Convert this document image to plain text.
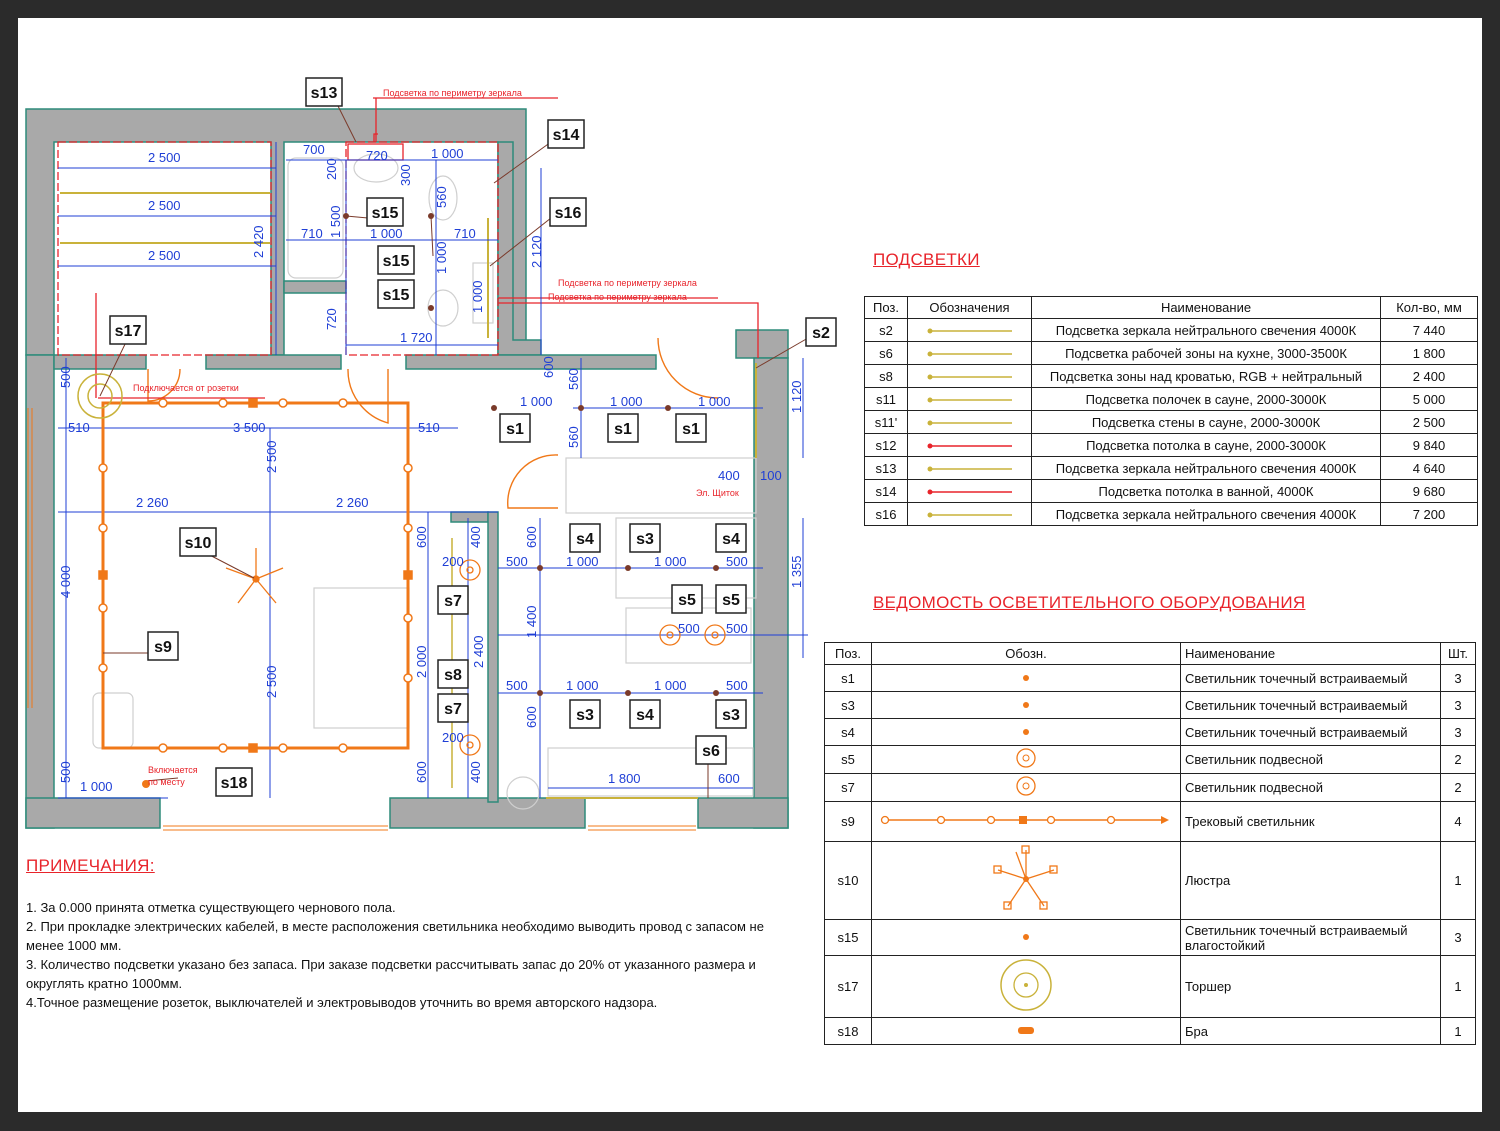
Подсветка по периметру зеркала
Подсветка по периметру зеркала
Подсветка по периметру зеркала
Подключается от розетки
Включается
по месту
Эл. Щиток
2 500
2 500
2 500	2 420
700	720
200	300
1 000
560
710 1 500 1 000	710
1 000	2 120
720
1 000
1 720
560
1 000	1 000	1 000
560
1 120
500
510	3 500	510
400 100
2 500
2 260	2 260
600	400
200	500
600
1 000	1 000	500	1 355
4 000
1 400	500 500
2 000	2 400
2 500	500	1 000	1 000	500
600
200
600	400	1 800	600
500
1 000
600
s13
s14
s15	s16
s15
s15
s17	s2
s1	s1	s1
s10	s4	s3	s4
s5 s5
s9
s7
s8
s7	s3	s4	s3
s6
s18
ПОДСВЕТКИ
Поз.	Обозначения	Наименование	Кол-во, мм
s2		Подсветка зеркала нейтрального свечения 4000К	7 440
s6		Подсветка рабочей зоны на кухне, 3000-3500К	1 800
s8		Подсветка зоны над кроватью, RGB + нейтральный	2 400
s11		Подсветка полочек в сауне, 2000-3000К	5 000
s11'		Подсветка стены в сауне, 2000-3000К	2 500
s12		Подсветка потолка в сауне, 2000-3000К	9 840
s13		Подсветка зеркала нейтрального свечения 4000К	4 640
s14		Подсветка потолка в ванной, 4000К	9 680
s16		Подсветка зеркала нейтрального свечения 4000К	7 200
ВЕДОМОСТЬ ОСВЕТИТЕЛЬНОГО ОБОРУДОВАНИЯ
Поз.	Обозн.	Наименование	Шт.
s1		Светильник точечный встраиваемый	3
s3		Светильник точечный встраиваемый	3
s4		Светильник точечный встраиваемый	3
s5		Светильник подвесной	2
s7		Светильник подвесной	2
s9		Трековый светильник	4
s10		Люстра	1
s15		Светильник точечный встраиваемый влагостойкий	3
s17		Торшер	1
s18		Бра	1
ПРИМЕЧАНИЯ:

1. За 0.000 принята отметка существующего чернового пола.

2. При прокладке электрических кабелей, в месте расположения светильника необходимо выводить провод с запасом не менее 1000 мм.

3. Количество подсветки указано без запаса. При заказе подсветки рассчитывать запас до 20% от указанного размера и округлять кратно 1000мм.

4.Точное размещение розеток, выключателей и электровыводов уточнить во время авторского надзора.
